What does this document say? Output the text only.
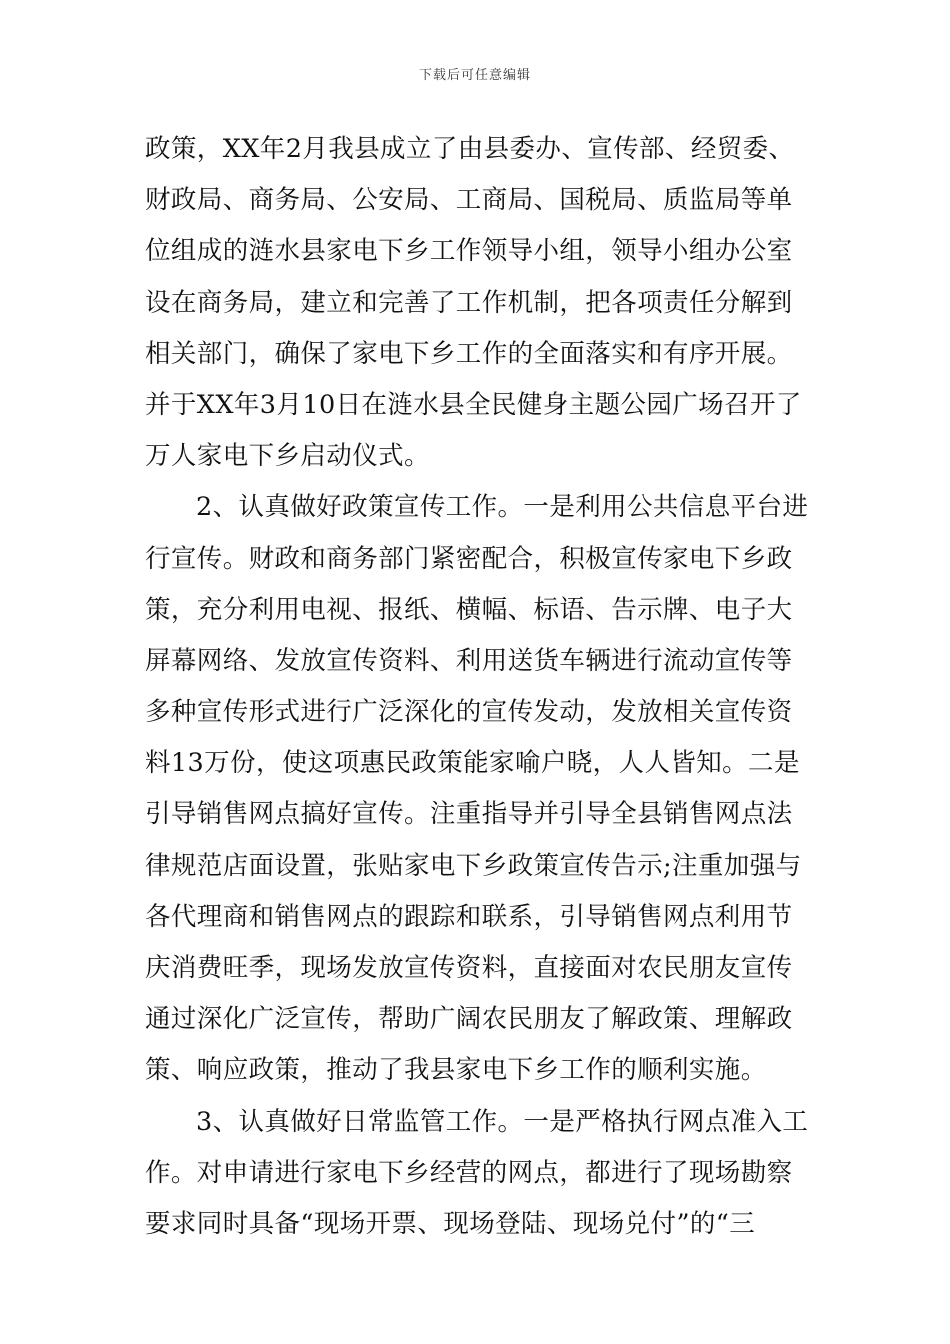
下载后可任意编辑
政策，XX年2月我县成立了由县委办、宣传部、经贸委、
财政局、商务局、公安局、工商局、国税局、质监局等单
位组成的涟水县家电下乡工作领导小组，领导小组办公室
设在商务局，建立和完善了工作机制，把各项责任分解到
相关部门，确保了家电下乡工作的全面落实和有序开展。
并于XX年3月10日在涟水县全民健身主题公园广场召开了
万人家电下乡启动仪式。
2、认真做好政策宣传工作。一是利用公共信息平台进
行宣传。财政和商务部门紧密配合，积极宣传家电下乡政
策，充分利用电视、报纸、横幅、标语、告示牌、电子大
屏幕网络、发放宣传资料、利用送货车辆进行流动宣传等
多种宣传形式进行广泛深化的宣传发动，发放相关宣传资
料13万份，使这项惠民政策能家喻户晓，人人皆知。二是
引导销售网点搞好宣传。注重指导并引导全县销售网点法
律规范店面设置，张贴家电下乡政策宣传告示;注重加强与
各代理商和销售网点的跟踪和联系，引导销售网点利用节
庆消费旺季，现场发放宣传资料，直接面对农民朋友宣传
通过深化广泛宣传，帮助广阔农民朋友了解政策、理解政
策、响应政策，推动了我县家电下乡工作的顺利实施。
3、认真做好日常监管工作。一是严格执行网点准入工
作。对申请进行家电下乡经营的网点，都进行了现场勘察
要求同时具备“现场开票、现场登陆、现场兑付”的“三
